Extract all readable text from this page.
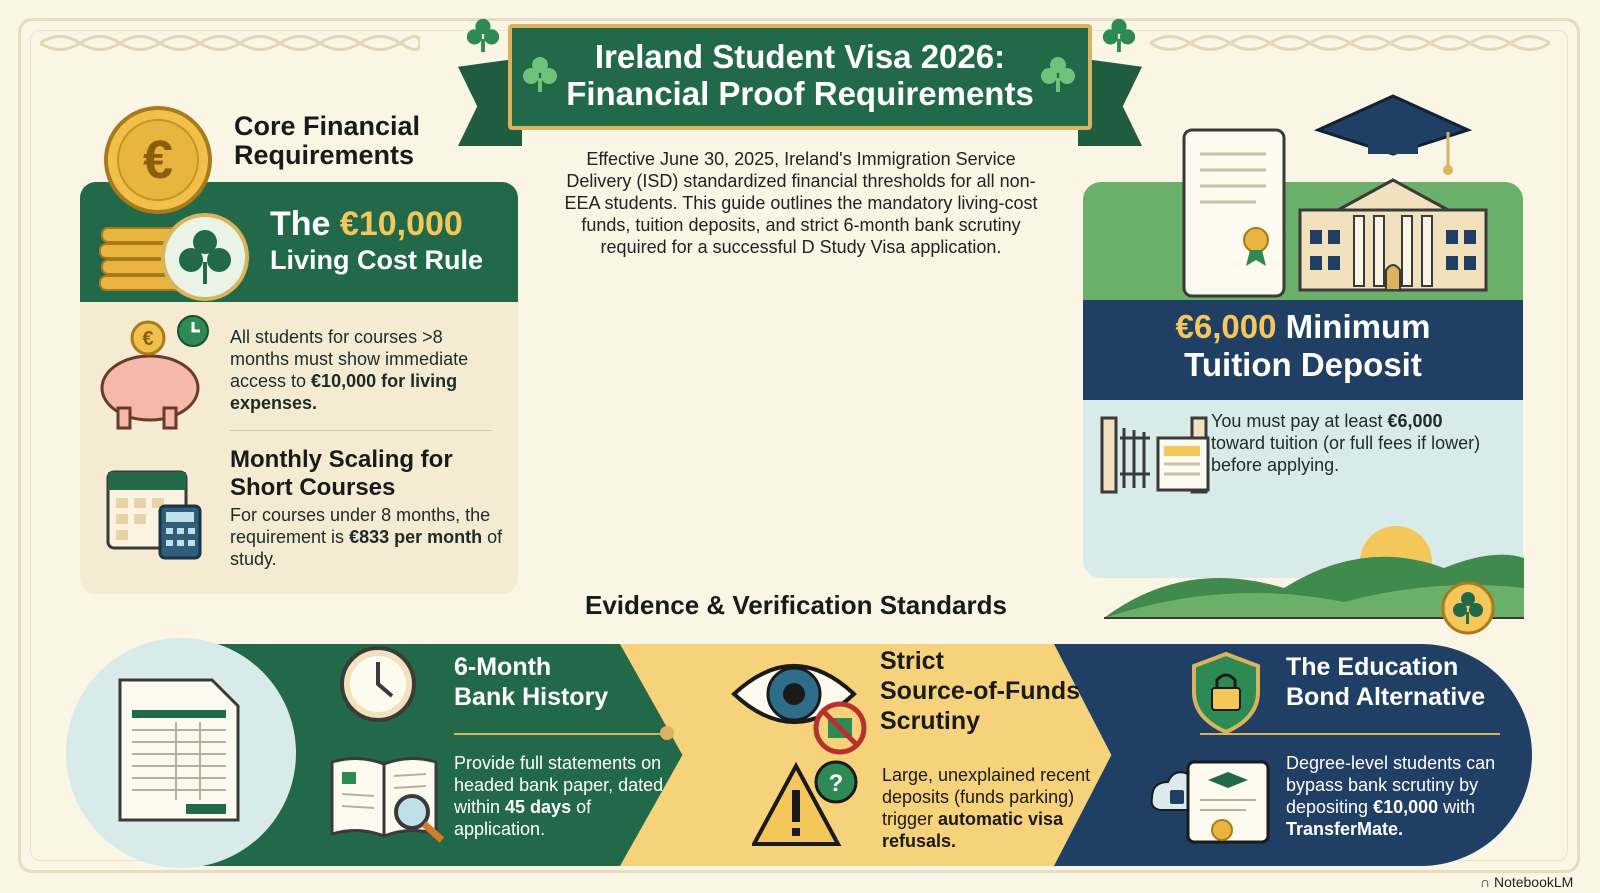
Ireland Student Visa 2026:
Financial Proof Requirements
Effective June 30, 2025, Ireland's Immigration Service Delivery (ISD) standardized financial thresholds for all non-EEA students. This guide outlines the mandatory living-cost funds, tuition deposits, and strict 6-month bank scrutiny required for a successful D Study Visa application.
Core Financial
Requirements
The €10,000
Living Cost Rule
All students for courses >8 months must show immediate access to €10,000 for living expenses.
Monthly Scaling for
Short Courses
For courses under 8 months, the requirement is €833 per month of study.
€
€	€6,000 Minimum
Tuition Deposit
You must pay at least €6,000 toward tuition (or full fees if lower) before applying.
Evidence & Verification Standards
6-Month
Bank History
Provide full statements on headed bank paper, dated within 45 days of application.
Strict
Source-of-Funds
Scrutiny
? Large, unexplained recent deposits (funds parking) trigger automatic visa refusals.
The Education
Bond Alternative
Degree-level students can bypass bank scrutiny by depositing €10,000 with TransferMate.
∩ NotebookLM
